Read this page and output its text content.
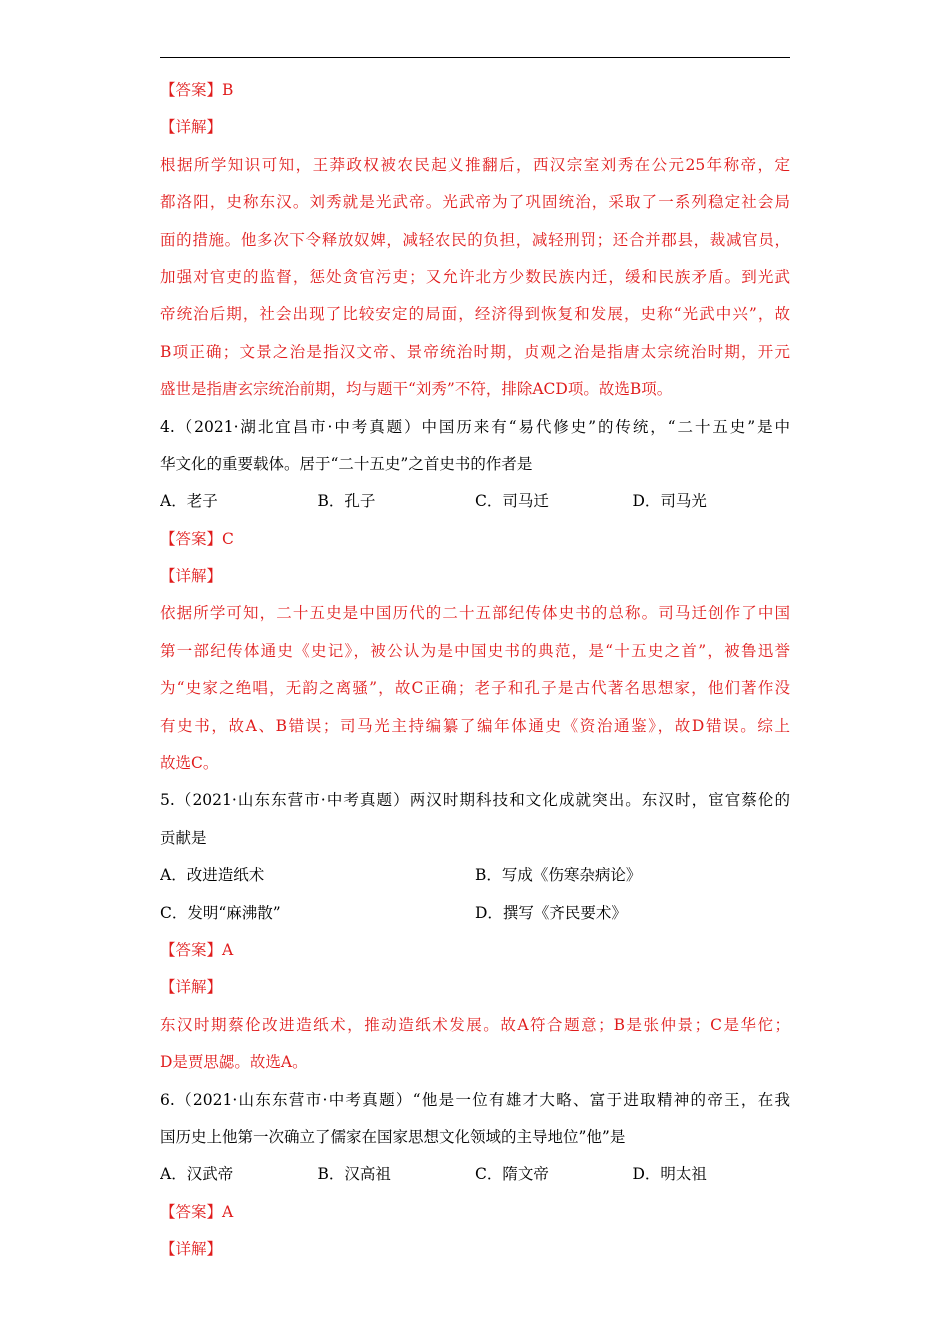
【答案】B
【详解】
根据所学知识可知，王莽政权被农民起义推翻后，西汉宗室刘秀在公元25年称帝，定
都洛阳，史称东汉。刘秀就是光武帝。光武帝为了巩固统治，采取了一系列稳定社会局
面的措施。他多次下令释放奴婢，减轻农民的负担，减轻刑罚；还合并郡县，裁减官员，
加强对官吏的监督，惩处贪官污吏；又允许北方少数民族内迁，缓和民族矛盾。到光武
帝统治后期，社会出现了比较安定的局面，经济得到恢复和发展，史称“光武中兴”，故
B项正确；文景之治是指汉文帝、景帝统治时期，贞观之治是指唐太宗统治时期，开元
盛世是指唐玄宗统治前期，均与题干“刘秀”不符，排除ACD项。故选B项。
4.（2021·湖北宜昌市·中考真题）中国历来有“易代修史”的传统，“二十五史”是中
华文化的重要载体。居于“二十五史”之首史书的作者是
A．老子	B．孔子	C．司马迁	D．司马光
【答案】C
【详解】
依据所学可知，二十五史是中国历代的二十五部纪传体史书的总称。司马迁创作了中国
第一部纪传体通史《史记》，被公认为是中国史书的典范，是“十五史之首”，被鲁迅誉
为“史家之绝唱，无韵之离骚”，故C正确；老子和孔子是古代著名思想家，他们著作没
有史书，故A、B错误；司马光主持编纂了编年体通史《资治通鉴》，故D错误。综上
故选C。
5.（2021·山东东营市·中考真题）两汉时期科技和文化成就突出。东汉时，宦官蔡伦的
贡献是
A．改进造纸术	B．写成《伤寒杂病论》
C．发明“麻沸散”	D．撰写《齐民要术》
【答案】A
【详解】
东汉时期蔡伦改进造纸术，推动造纸术发展。故A符合题意；B是张仲景；C是华佗；
D是贾思勰。故选A。
6.（2021·山东东营市·中考真题）“他是一位有雄才大略、富于进取精神的帝王，在我
国历史上他第一次确立了儒家在国家思想文化领域的主导地位”他”是
A．汉武帝	B．汉高祖	C．隋文帝	D．明太祖
【答案】A
【详解】
